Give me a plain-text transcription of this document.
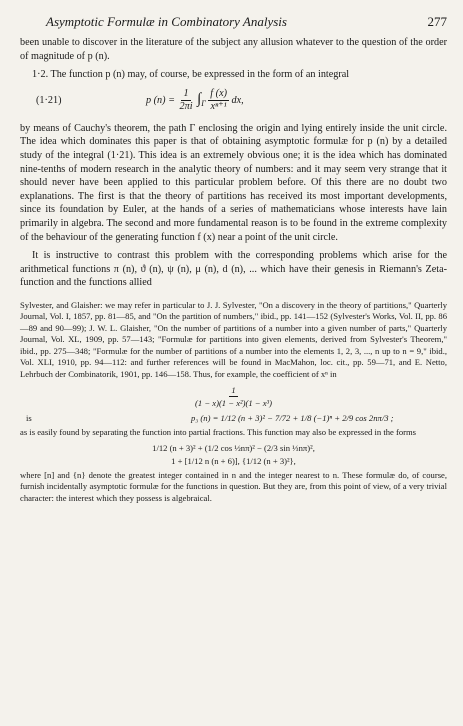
Asymptotic Formulæ in Combinatory Analysis	277

been unable to discover in the literature of the subject any allusion whatever to the question of the order of magnitude of p (n).

1·2. The function p (n) may, of course, be expressed in the form of an integral

(1·21)	p $(n) = \frac{1}{2\pi i} \int_\Gamma \frac{f (x)}{\text{xⁿ⁺¹}}$ dx,

by means of Cauchy's theorem, the path Γ enclosing the origin and lying entirely inside the unit circle. The idea which dominates this paper is that of obtaining asymptotic formulæ for p (n) by a detailed study of the integral (1·21). This idea is an extremely obvious one; it is the idea which has dominated nine-tenths of modern research in the analytic theory of numbers: and it may seem very strange that it should never have been applied to this particular problem before. Of this there are no doubt two explanations. The first is that the theory of partitions has received its most important developments, since its foundation by Euler, at the hands of a series of mathematicians whose interests have lain primarily in algebra. The second and more fundamental reason is to be found in the extreme complexity of the behaviour of the generating function f (x) near a point of the unit circle.

It is instructive to contrast this problem with the corresponding problems which arise for the arithmetical functions π (n), ϑ (n), ψ (n), μ (n), d (n), ... which have their genesis in Riemann's Zeta-function and the functions allied

Sylvester, and Glaisher: we may refer in particular to J. J. Sylvester, "On a discovery in the theory of partitions," Quarterly Journal, Vol. I, 1857, pp. 81—85, and "On the partition of numbers," ibid., pp. 141—152 (Sylvester's Works, Vol. II, pp. 86—89 and 90—99); J. W. L. Glaisher, "On the number of partitions of a number into a given number of parts," Quarterly Journal, Vol. XL, 1909, pp. 57—143; "Formulæ for partitions into given elements, derived from Sylvester's Theorem," ibid., pp. 275—348; "Formulæ for the number of partitions of a number into the elements 1, 2, 3, ..., n up to n = 9," ibid., Vol. XLI, 1910, pp. 94—112: and further references will be found in MacMahon, loc. cit., pp. 59—71, and E. Netto, Lehrbuch der Combinatorik, 1901, pp. 146—158. Thus, for example, the coefficient of xⁿ in

$\frac{1}{\text{(1 − x)(1 − x²)(1 − x³)}}$
is	p₃ (n) = 1/12 (n + 3)² − 7/72 + 1/8 (−1)ⁿ + 2/9 cos 2nπ/3 ;

as is easily found by separating the function into partial fractions. This function may also be expressed in the forms

1/12 (n + 3)² + (1/2 cos ½nπ)² − (2/3 sin ⅓nπ)²,
1 + [1/12 n (n + 6)], {1/12 (n + 3)²},

where [n] and {n} denote the greatest integer contained in n and the integer nearest to n. These formulæ do, of course, furnish incidentally asymptotic formulæ for the functions in question. But they are, from this point of view, of a very trivial character: the interest which they possess is algebraical.
